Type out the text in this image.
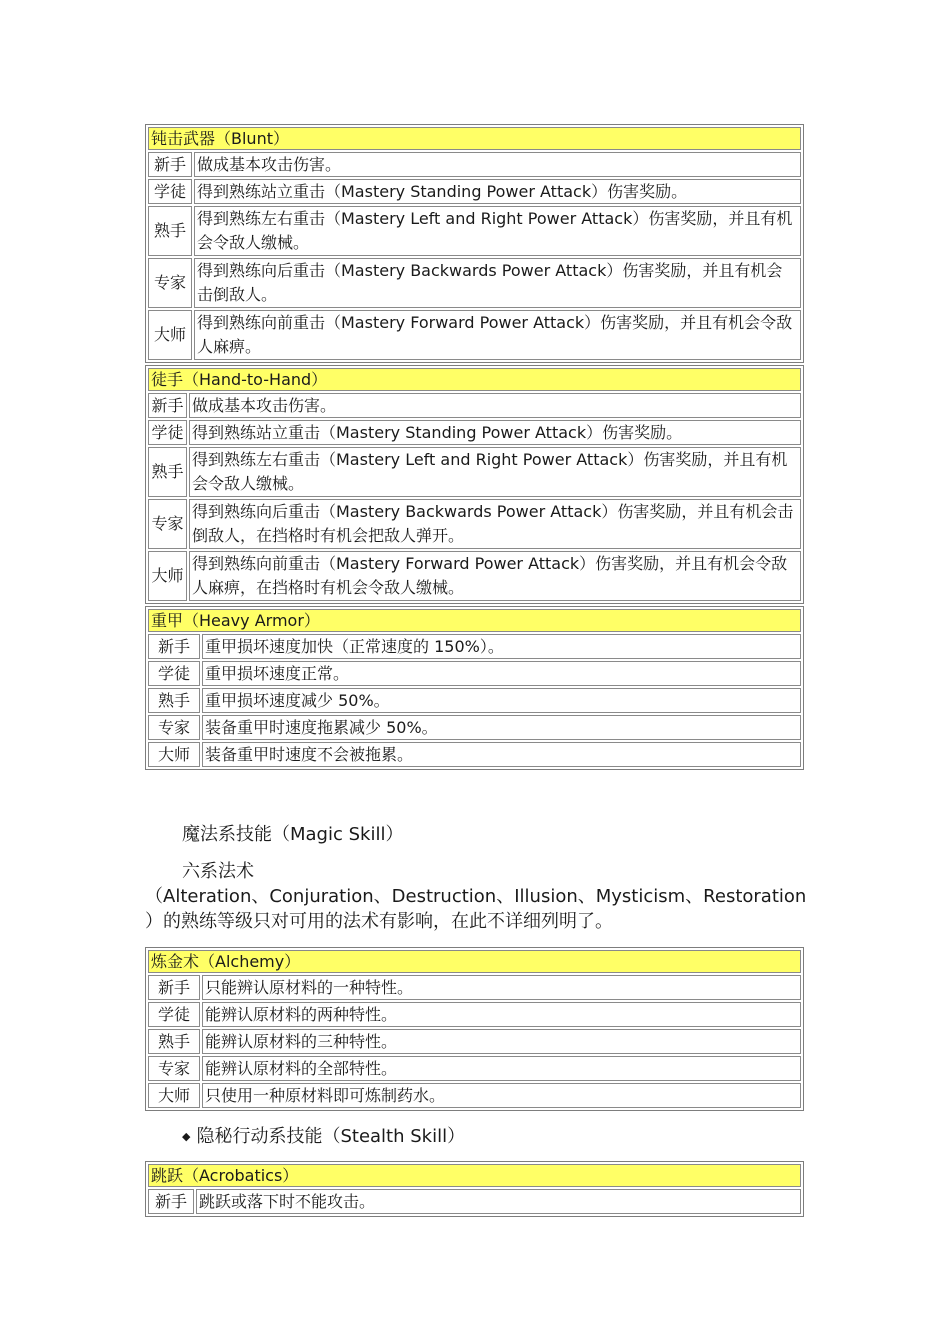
钝击武器（Blunt）	
新手	做成基本攻击伤害。
学徒	得到熟练站立重击（Mastery Standing Power Attack）伤害奖励。
熟手	得到熟练左右重击（Mastery Left and Right Power Attack）伤害奖励，并且有机会令敌人缴械。
专家	得到熟练向后重击（Mastery Backwards Power Attack）伤害奖励，并且有机会击倒敌人。
大师	得到熟练向前重击（Mastery Forward Power Attack）伤害奖励，并且有机会令敌人麻痹。
徒手（Hand-to-Hand）	
新手	做成基本攻击伤害。
学徒	得到熟练站立重击（Mastery Standing Power Attack）伤害奖励。
熟手	得到熟练左右重击（Mastery Left and Right Power Attack）伤害奖励，并且有机会令敌人缴械。
专家	得到熟练向后重击（Mastery Backwards Power Attack）伤害奖励，并且有机会击倒敌人，在挡格时有机会把敌人弹开。
大师	得到熟练向前重击（Mastery Forward Power Attack）伤害奖励，并且有机会令敌人麻痹，在挡格时有机会令敌人缴械。
重甲（Heavy Armor）	
新手	重甲损坏速度加快（正常速度的 150%）。
学徒	重甲损坏速度正常。
熟手	重甲损坏速度减少 50%。
专家	装备重甲时速度拖累减少 50%。
大师	装备重甲时速度不会被拖累。
魔法系技能（Magic Skill）
六系法术
（Alteration、Conjuration、Destruction、Illusion、Mysticism、Restoration
）的熟练等级只对可用的法术有影响，在此不详细列明了。
炼金术（Alchemy）	
新手	只能辨认原材料的一种特性。
学徒	能辨认原材料的两种特性。
熟手	能辨认原材料的三种特性。
专家	能辨认原材料的全部特性。
大师	只使用一种原材料即可炼制药水。
◆ 隐秘行动系技能（Stealth Skill）
跳跃（Acrobatics）
新手	跳跃或落下时不能攻击。
